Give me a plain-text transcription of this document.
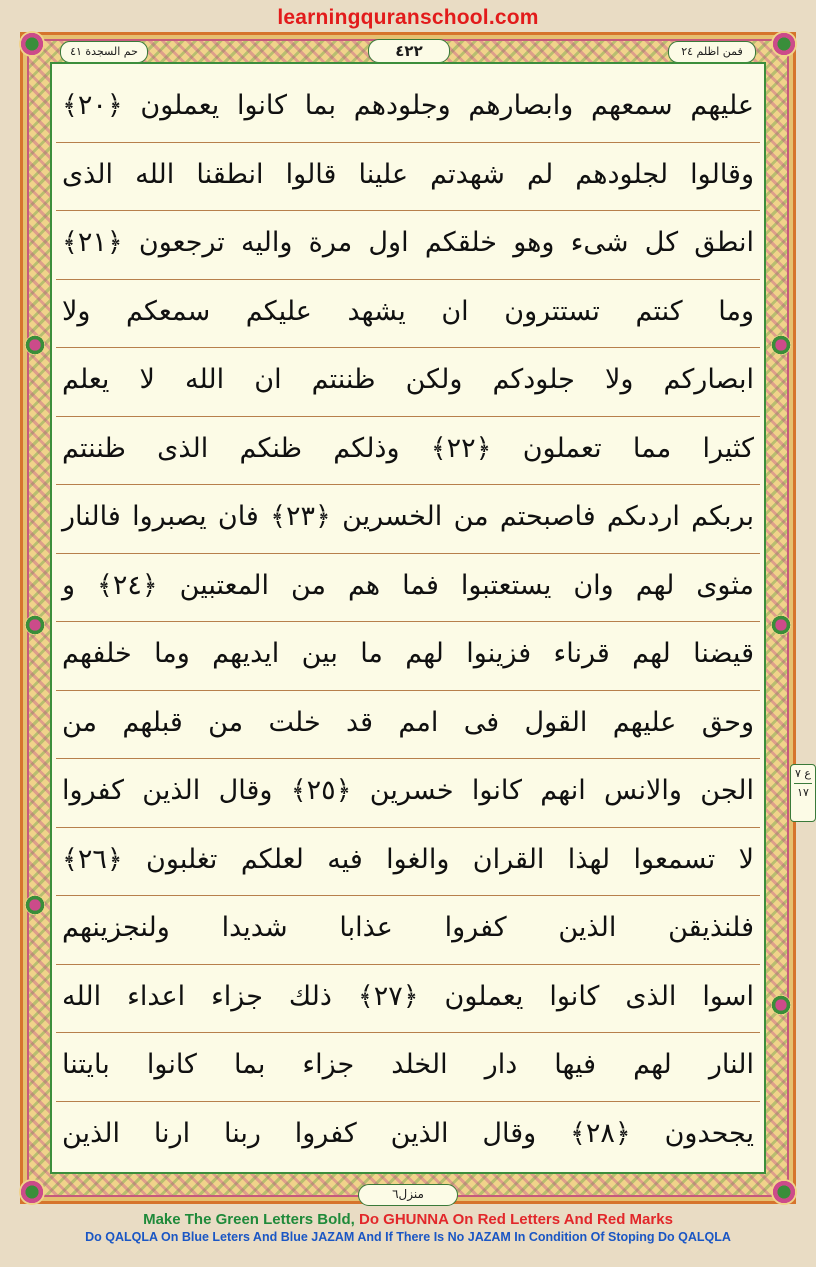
learningquranschool.com
حم السجدة ٤١	٤٢٢	فمن اظلم ٢٤
عليهم سمعهم وابصارهم وجلودهم بما كانوا يعملون ﴿٢٠﴾
وقالوا لجلودهم لم شهدتم علينا قالوا انطقنا الله الذى
انطق كل شىء وهو خلقكم اول مرة واليه ترجعون ﴿٢١﴾
وما كنتم تستترون ان يشهد عليكم سمعكم ولا
ابصاركم ولا جلودكم ولكن ظننتم ان الله لا يعلم
كثيرا مما تعملون ﴿٢٢﴾ وذلكم ظنكم الذى ظننتم
بربكم اردىكم فاصبحتم من الخسرين ﴿٢٣﴾ فان يصبروا فالنار
مثوى لهم وان يستعتبوا فما هم من المعتبين ﴿٢٤﴾ و
قيضنا لهم قرناء فزينوا لهم ما بين ايديهم وما خلفهم
وحق عليهم القول فى امم قد خلت من قبلهم من
الجن والانس انهم كانوا خسرين ﴿٢٥﴾ وقال الذين كفروا
لا تسمعوا لهذا القران والغوا فيه لعلكم تغلبون ﴿٢٦﴾
فلنذيقن الذين كفروا عذابا شديدا ولنجزينهم
اسوا الذى كانوا يعملون ﴿٢٧﴾ ذلك جزاء اعداء الله
النار لهم فيها دار الخلد جزاء بما كانوا بايتنا
يجحدون ﴿٢٨﴾ وقال الذين كفروا ربنا ارنا الذين
ع ٧
١٧
منزل٦
Make The Green Letters Bold, Do GHUNNA On Red Letters And Red Marks
Do QALQLA On Blue Leters And Blue JAZAM And If There Is No JAZAM In Condition Of Stoping Do QALQLA
